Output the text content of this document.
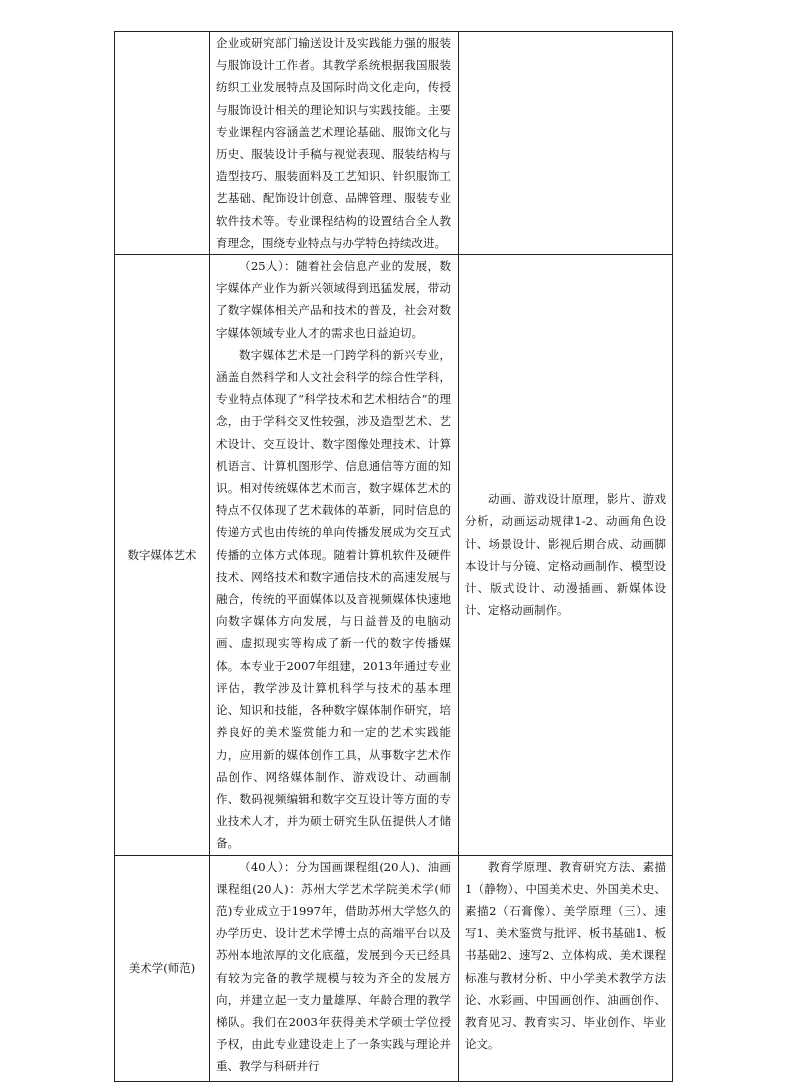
	企业或研究部门输送设计及实践能力强的服装与服饰设计工作者。其教学系统根据我国服装纺织工业发展特点及国际时尚文化走向，传授与服饰设计相关的理论知识与实践技能。主要专业课程内容涵盖艺术理论基础、服饰文化与历史、服装设计手稿与视觉表现、服装结构与造型技巧、服装面料及工艺知识、针织服饰工艺基础、配饰设计创意、品牌管理、服装专业软件技术等。专业课程结构的设置结合全人教育理念，围绕专业特点与办学特色持续改进。	

数字媒体艺术	（25人）：随着社会信息产业的发展，数字媒体产业作为新兴领域得到迅猛发展，带动了数字媒体相关产品和技术的普及，社会对数字媒体领域专业人才的需求也日益迫切。

数字媒体艺术是一门跨学科的新兴专业，涵盖自然科学和人文社会科学的综合性学科，专业特点体现了“科学技术和艺术相结合”的理念，由于学科交叉性较强，涉及造型艺术、艺术设计、交互设计、数字图像处理技术、计算机语言、计算机图形学、信息通信等方面的知识。相对传统媒体艺术而言，数字媒体艺术的特点不仅体现了艺术载体的革新，同时信息的传递方式也由传统的单向传播发展成为交互式传播的立体方式体现。随着计算机软件及硬件技术、网络技术和数字通信技术的高速发展与融合，传统的平面媒体以及音视频媒体快速地向数字媒体方向发展，与日益普及的电脑动画、虚拟现实等构成了新一代的数字传播媒体。本专业于2007年组建，2013年通过专业评估，教学涉及计算机科学与技术的基本理论、知识和技能，各种数字媒体制作研究，培养良好的美术鉴赏能力和一定的艺术实践能力，应用新的媒体创作工具，从事数字艺术作品创作、网络媒体制作、游戏设计、动画制作、数码视频编辑和数字交互设计等方面的专业技术人才，并为硕士研究生队伍提供人才储备。	动画、游戏设计原理，影片、游戏分析，动画运动规律1-2、动画角色设计、场景设计、影视后期合成、动画脚本设计与分镜、定格动画制作、模型设计、版式设计、动漫插画、新媒体设计、定格动画制作。

美术学(师范)	（40人）：分为国画课程组(20人)、油画课程组(20人)：苏州大学艺术学院美术学(师范)专业成立于1997年，借助苏州大学悠久的办学历史、设计艺术学博士点的高端平台以及苏州本地浓厚的文化底蕴，发展到今天已经具有较为完备的教学规模与较为齐全的发展方向，并建立起一支力量雄厚、年龄合理的教学梯队。我们在2003年获得美术学硕士学位授予权，由此专业建设走上了一条实践与理论并重、教学与科研并行	教育学原理、教育研究方法、素描1（静物）、中国美术史、外国美术史、素描2（石膏像）、美学原理（三）、速写1、美术鉴赏与批评、板书基础1、板书基础2、速写2、立体构成、美术课程标准与教材分析、中小学美术教学方法论、水彩画、中国画创作、油画创作、教育见习、教育实习、毕业创作、毕业论文。
